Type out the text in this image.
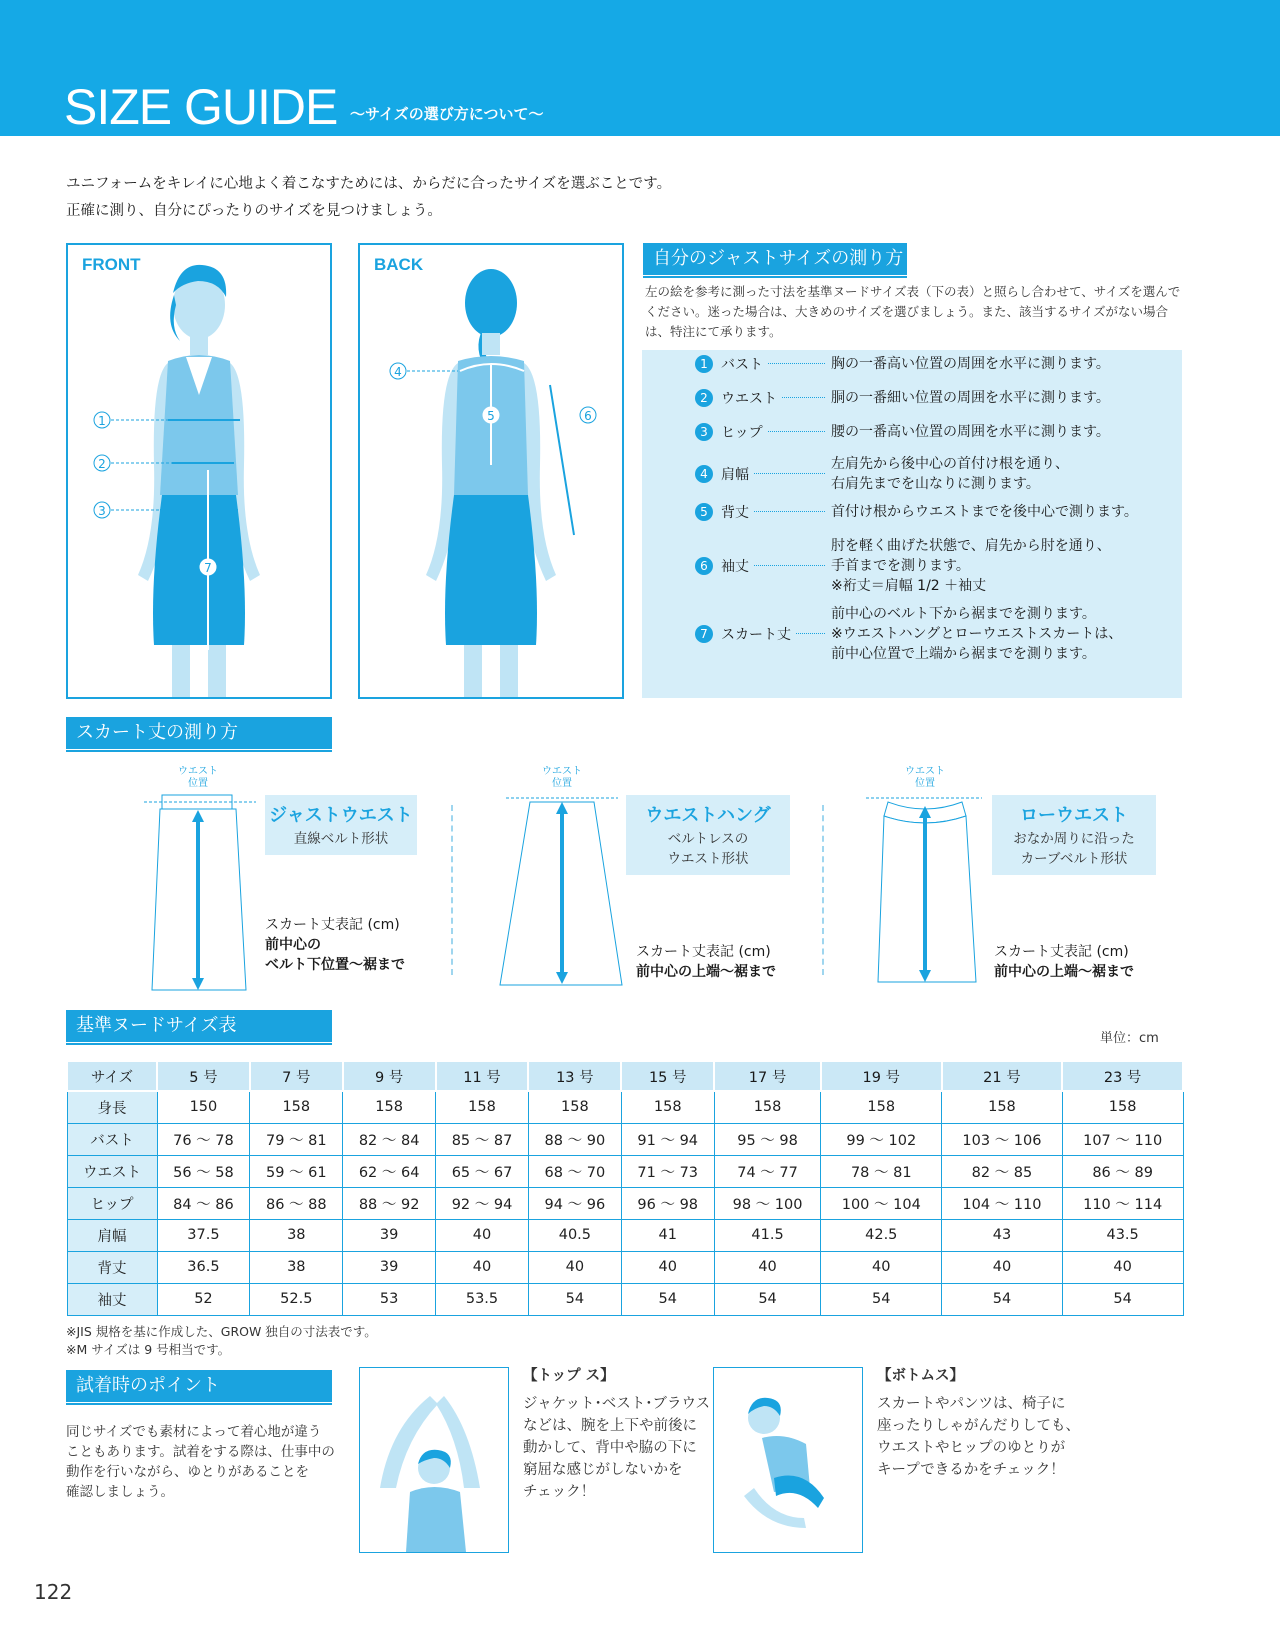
SIZE GUIDE ～サイズの選び方について～
ユニフォームをキレイに心地よく着こなすためには、からだに合ったサイズを選ぶことです。
正確に測り、自分にぴったりのサイズを見つけましょう。
FRONT
1
2
3
7
BACK
4
5	6
自分のジャストサイズの測り方
左の絵を参考に測った寸法を基準ヌードサイズ表（下の表）と照らし合わせて、サイズを選んでください。迷った場合は、大きめのサイズを選びましょう。また、該当するサイズがない場合は、特注にて承ります。
1 バスト	胸の一番高い位置の周囲を水平に測ります。
2 ウエスト	胴の一番細い位置の周囲を水平に測ります。
3 ヒップ	腰の一番高い位置の周囲を水平に測ります。
4 肩幅
左肩先から後中心の首付け根を通り、
右肩先までを山なりに測ります。
5 背丈	首付け根からウエストまでを後中心で測ります。
6 袖丈
肘を軽く曲げた状態で、肩先から肘を通り、
手首までを測ります。
※裄丈＝肩幅 1/2 ＋袖丈
7 スカート丈
前中心のベルト下から裾までを測ります。
※ウエストハングとローウエストスカートは、
前中心位置で上端から裾までを測ります。
スカート丈の測り方
ウエスト
位置
ウエスト
位置
ウエスト
位置
ジャストウエスト
直線ベルト形状
スカート丈表記 (cm)
前中心の
ベルト下位置～裾まで
ウエストハング
ベルトレスの
ウエスト形状
スカート丈表記 (cm)
前中心の上端～裾まで
ローウエスト
おなか周りに沿った
カーブベルト形状
スカート丈表記 (cm)
前中心の上端～裾まで
基準ヌードサイズ表
単位：cm
サイズ	5 号	7 号	9 号	11 号	13 号	15 号	17 号	19 号	21 号	23 号
身長	150	158	158	158	158	158	158	158	158	158
バスト	76 ～ 78	79 ～ 81	82 ～ 84	85 ～ 87	88 ～ 90	91 ～ 94	95 ～ 98	99 ～ 102	103 ～ 106	107 ～ 110
ウエスト	56 ～ 58	59 ～ 61	62 ～ 64	65 ～ 67	68 ～ 70	71 ～ 73	74 ～ 77	78 ～ 81	82 ～ 85	86 ～ 89
ヒップ	84 ～ 86	86 ～ 88	88 ～ 92	92 ～ 94	94 ～ 96	96 ～ 98	98 ～ 100	100 ～ 104	104 ～ 110	110 ～ 114
肩幅	37.5	38	39	40	40.5	41	41.5	42.5	43	43.5
背丈	36.5	38	39	40	40	40	40	40	40	40
袖丈	52	52.5	53	53.5	54	54	54	54	54	54
※JIS 規格を基に作成した、GROW 独自の寸法表です。
※M サイズは 9 号相当です。
試着時のポイント
同じサイズでも素材によって着心地が違う
こともあります。試着をする際は、仕事中の
動作を行いながら、ゆとりがあることを
確認しましょう。
【トップ ス】
ジャケット･ベスト･ブラウス
などは、腕を上下や前後に
動かして、背中や脇の下に
窮屈な感じがしないかを
チェック！
【ボトムス】
スカートやパンツは、椅子に
座ったりしゃがんだりしても、
ウエストやヒップのゆとりが
キープできるかをチェック！
122
